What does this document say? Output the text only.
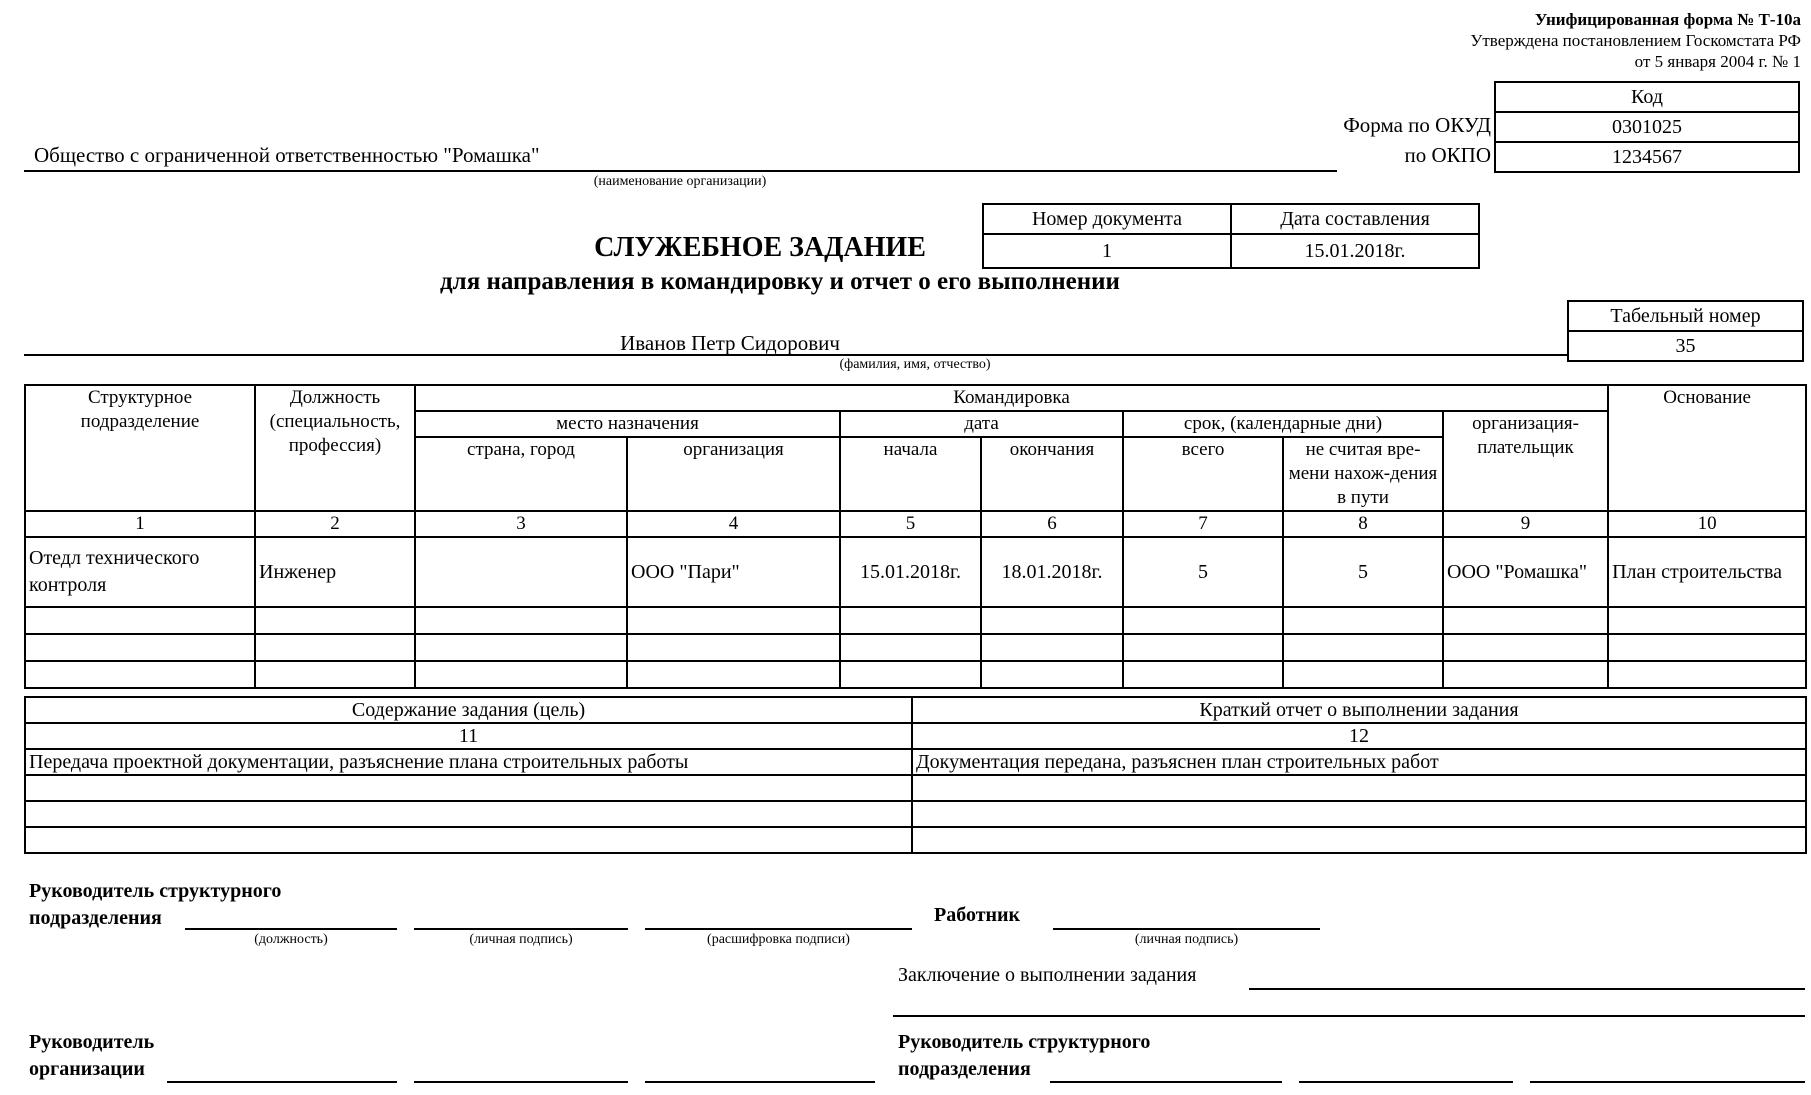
Унифицированная форма № Т-10а
Утверждена постановлением Госкомстата РФ
от 5 января 2004 г. № 1
Код
0301025
1234567
Форма по ОКУД
по ОКПО
Общество с ограниченной ответственностью "Ромашка"
(наименование организации)
Номер документа	Дата составления
1	15.01.2018г.
СЛУЖЕБНОЕ ЗАДАНИЕ
для направления в командировку и отчет о его выполнении
Табельный номер
35
Иванов Петр Сидорович
(фамилия, имя, отчество)
Структурное подразделение	Должность (специальность, профессия)	Командировка							Основание
		место назначения		дата		срок, (календарные дни)		организация-плательщик	
		страна, город	организация	начала	окончания	всего	не считая вре-мени нахож-дения в пути		
1	2	3	4	5	6	7	8	9	10
Отедл технического контроля	Инженер		ООО "Пари"	15.01.2018г.	18.01.2018г.	5	5	ООО "Ромашка"	План строительства

Содержание задания (цель)	Краткий отчет о выполнении задания
11	12
Передача проектной документации, разъяснение плана строительных работы	Документация передана, разъяснен план строительных работ

Руководитель структурного
подразделения
(должность)	(личная подпись)	(расшифровка подписи)
Работник
(личная подпись)
Заключение о выполнении задания
Руководитель
организации
Руководитель структурного
подразделения
